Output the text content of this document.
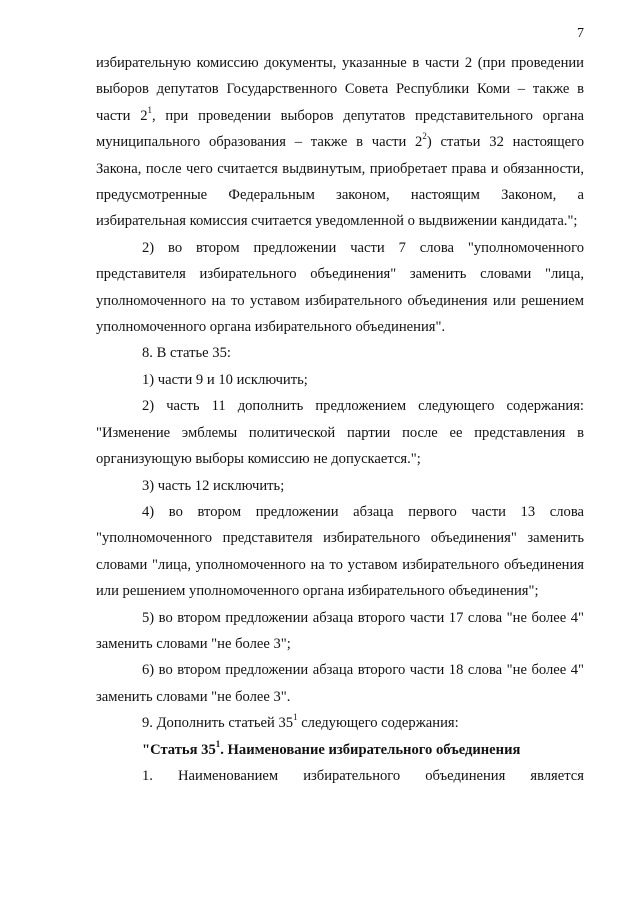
7

избирательную комиссию документы, указанные в части 2 (при проведении выборов депутатов Государственного Совета Республики Коми – также в части $2^1$, при проведении выборов депутатов представительного органа муниципального образования – также в части $2^2$) статьи 32 настоящего Закона, после чего считается выдвинутым, приобретает права и обязанности, предусмотренные Федеральным законом, настоящим Законом, а избирательная комиссия считается уведомленной о выдвижении кандидата.";

2) во втором предложении части 7 слова "уполномоченного представителя избирательного объединения" заменить словами "лица, уполномоченного на то уставом избирательного объединения или решением уполномоченного органа избирательного объединения".

8. В статье 35:

1) части 9 и 10 исключить;

2) часть 11 дополнить предложением следующего содержания: "Изменение эмблемы политической партии после ее представления в организующую выборы комиссию не допускается.";

3) часть 12 исключить;

4) во втором предложении абзаца первого части 13 слова "уполномоченного представителя избирательного объединения" заменить словами "лица, уполномоченного на то уставом избирательного объединения или решением уполномоченного органа избирательного объединения";

5) во втором предложении абзаца второго части 17 слова "не более 4" заменить словами "не более 3";

6) во втором предложении абзаца второго части 18 слова "не более 4" заменить словами "не более 3".

9. Дополнить статьей $35^1$ следующего содержания:

"Статья $35^1$. Наименование избирательного объединения

1. Наименованием избирательного объединения является
